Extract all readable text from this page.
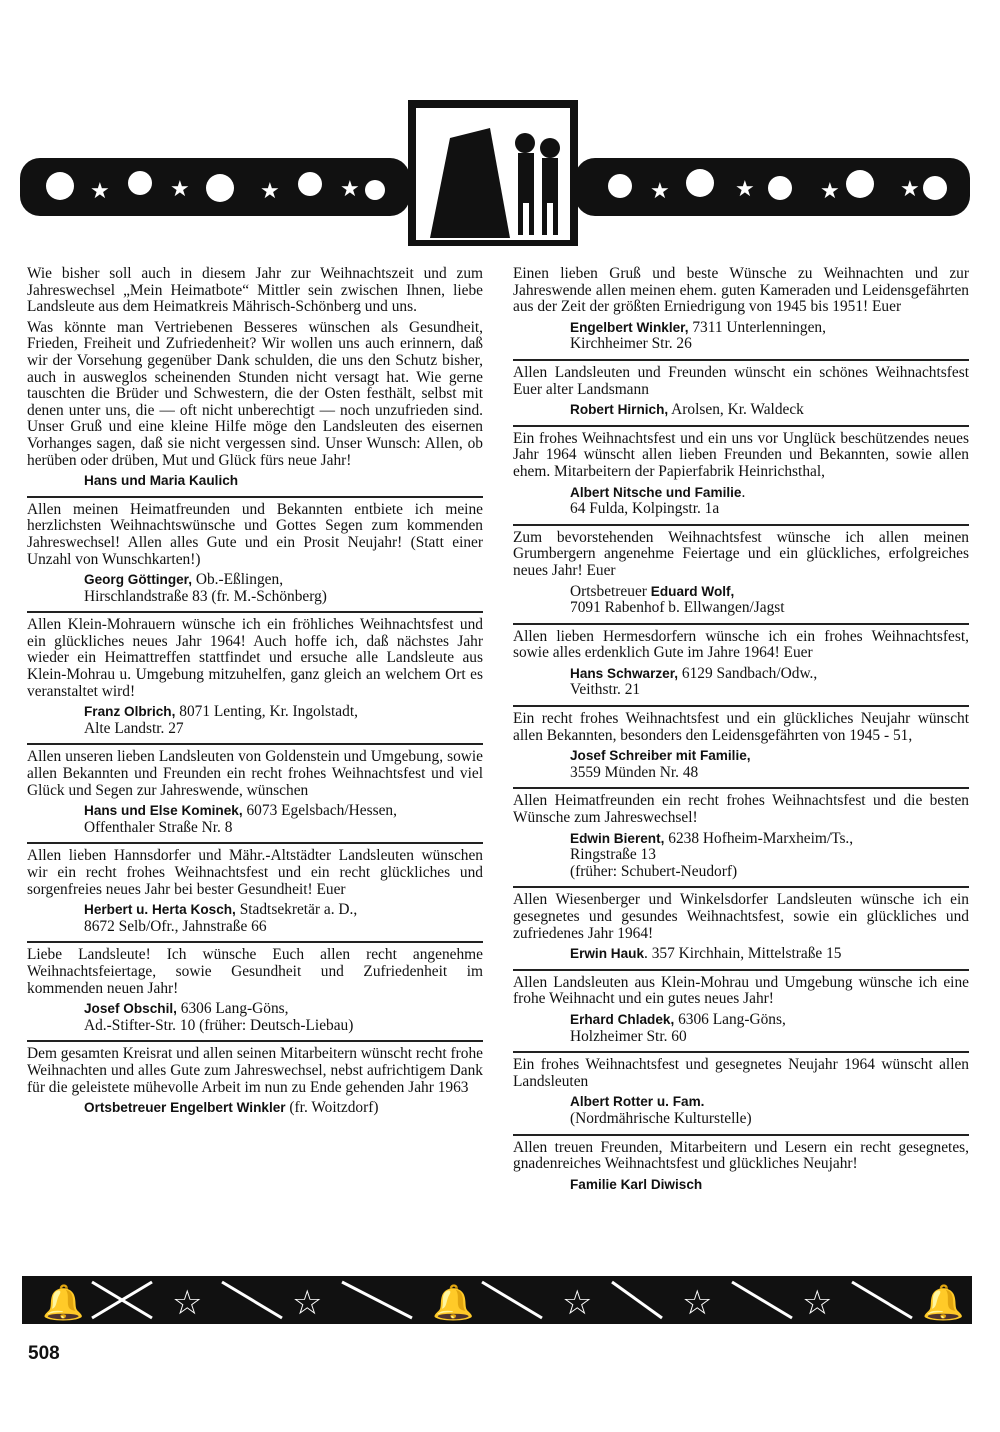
★	★	★	★	★	★	★	★

Wie bisher soll auch in diesem Jahr zur Weihnachtszeit und zum Jahreswechsel „Mein Heimatbote“ Mittler sein zwischen Ihnen, liebe Landsleute aus dem Heimatkreis Mährisch-Schönberg und uns.

Was könnte man Vertriebenen Besseres wünschen als Gesundheit, Frieden, Freiheit und Zufriedenheit? Wir wollen uns auch erinnern, daß wir der Vorsehung gegenüber Dank schulden, die uns den Schutz bisher, auch in ausweglos scheinenden Stunden nicht versagt hat. Wie gerne tauschten die Brüder und Schwestern, die der Osten festhält, selbst mit denen unter uns, die — oft nicht unberechtigt — noch unzufrieden sind. Unser Gruß und eine kleine Hilfe möge den Landsleuten des eisernen Vorhanges sagen, daß sie nicht vergessen sind. Unser Wunsch: Allen, ob herüben oder drüben, Mut und Glück fürs neue Jahr!

Hans und Maria Kaulich

Allen meinen Heimatfreunden und Bekannten entbiete ich meine herzlichsten Weihnachtswünsche und Gottes Segen zum kommenden Jahreswechsel! Allen alles Gute und ein Prosit Neujahr! (Statt einer Unzahl von Wunschkarten!)

Georg Göttinger, Ob.-Eßlingen,
Hirschlandstraße 83 (fr. M.-Schönberg)

Allen Klein-Mohrauern wünsche ich ein fröhliches Weihnachtsfest und ein glückliches neues Jahr 1964! Auch hoffe ich, daß nächstes Jahr wieder ein Heimattreffen stattfindet und ersuche alle Landsleute aus Klein-Mohrau u. Umgebung mitzuhelfen, ganz gleich an welchem Ort es veranstaltet wird!

Franz Olbrich, 8071 Lenting, Kr. Ingolstadt,
Alte Landstr. 27

Allen unseren lieben Landsleuten von Goldenstein und Umgebung, sowie allen Bekannten und Freunden ein recht frohes Weihnachtsfest und viel Glück und Segen zur Jahreswende, wünschen

Hans und Else Kominek, 6073 Egelsbach/Hessen,
Offenthaler Straße Nr. 8

Allen lieben Hannsdorfer und Mähr.-Altstädter Landsleuten wünschen wir ein recht frohes Weihnachtsfest und ein recht glückliches und sorgenfreies neues Jahr bei bester Gesundheit! Euer

Herbert u. Herta Kosch, Stadtsekretär a. D.,
8672 Selb/Ofr., Jahnstraße 66

Liebe Landsleute! Ich wünsche Euch allen recht angenehme Weihnachtsfeiertage, sowie Gesundheit und Zufriedenheit im kommenden neuen Jahr!

Josef Obschil, 6306 Lang-Göns,
Ad.-Stifter-Str. 10 (früher: Deutsch-Liebau)

Dem gesamten Kreisrat und allen seinen Mitarbeitern wünscht recht frohe Weihnachten und alles Gute zum Jahreswechsel, nebst aufrichtigem Dank für die geleistete mühevolle Arbeit im nun zu Ende gehenden Jahr 1963

Ortsbetreuer Engelbert Winkler (fr. Woitzdorf)

Einen lieben Gruß und beste Wünsche zu Weihnachten und zur Jahreswende allen meinen ehem. guten Kameraden und Leidensgefährten aus der Zeit der größten Erniedrigung von 1945 bis 1951! Euer

Engelbert Winkler, 7311 Unterlenningen,
Kirchheimer Str. 26

Allen Landsleuten und Freunden wünscht ein schönes Weihnachtsfest Euer alter Landsmann

Robert Hirnich, Arolsen, Kr. Waldeck

Ein frohes Weihnachtsfest und ein uns vor Unglück beschützendes neues Jahr 1964 wünscht allen lieben Freunden und Bekannten, sowie allen ehem. Mitarbeitern der Papierfabrik Heinrichsthal,

Albert Nitsche und Familie.
64 Fulda, Kolpingstr. 1a

Zum bevorstehenden Weihnachtsfest wünsche ich allen meinen Grumbergern angenehme Feiertage und ein glückliches, erfolgreiches neues Jahr! Euer

Ortsbetreuer Eduard Wolf,
7091 Rabenhof b. Ellwangen/Jagst

Allen lieben Hermesdorfern wünsche ich ein frohes Weihnachtsfest, sowie alles erdenklich Gute im Jahre 1964! Euer

Hans Schwarzer, 6129 Sandbach/Odw.,
Veithstr. 21

Ein recht frohes Weihnachtsfest und ein glückliches Neujahr wünscht allen Bekannten, besonders den Leidensgefährten von 1945 - 51,

Josef Schreiber mit Familie,
3559 Münden Nr. 48

Allen Heimatfreunden ein recht frohes Weihnachtsfest und die besten Wünsche zum Jahreswechsel!

Edwin Bierent, 6238 Hofheim-Marxheim/Ts.,
Ringstraße 13
(früher: Schubert-Neudorf)

Allen Wiesenberger und Winkelsdorfer Landsleuten wünsche ich ein gesegnetes und gesundes Weihnachtsfest, sowie ein glückliches und zufriedenes Jahr 1964!

Erwin Hauk. 357 Kirchhain, Mittelstraße 15

Allen Landsleuten aus Klein-Mohrau und Umgebung wünsche ich eine frohe Weihnacht und ein gutes neues Jahr!

Erhard Chladek, 6306 Lang-Göns,
Holzheimer Str. 60

Ein frohes Weihnachtsfest und gesegnetes Neujahr 1964 wünscht allen Landsleuten

Albert Rotter u. Fam.
(Nordmährische Kulturstelle)

Allen treuen Freunden, Mitarbeitern und Lesern ein recht gesegnetes, gnadenreiches Weihnachtsfest und glückliches Neujahr!

Familie Karl Diwisch
🔔	☆	☆	🔔	☆	☆	☆	🔔
508
